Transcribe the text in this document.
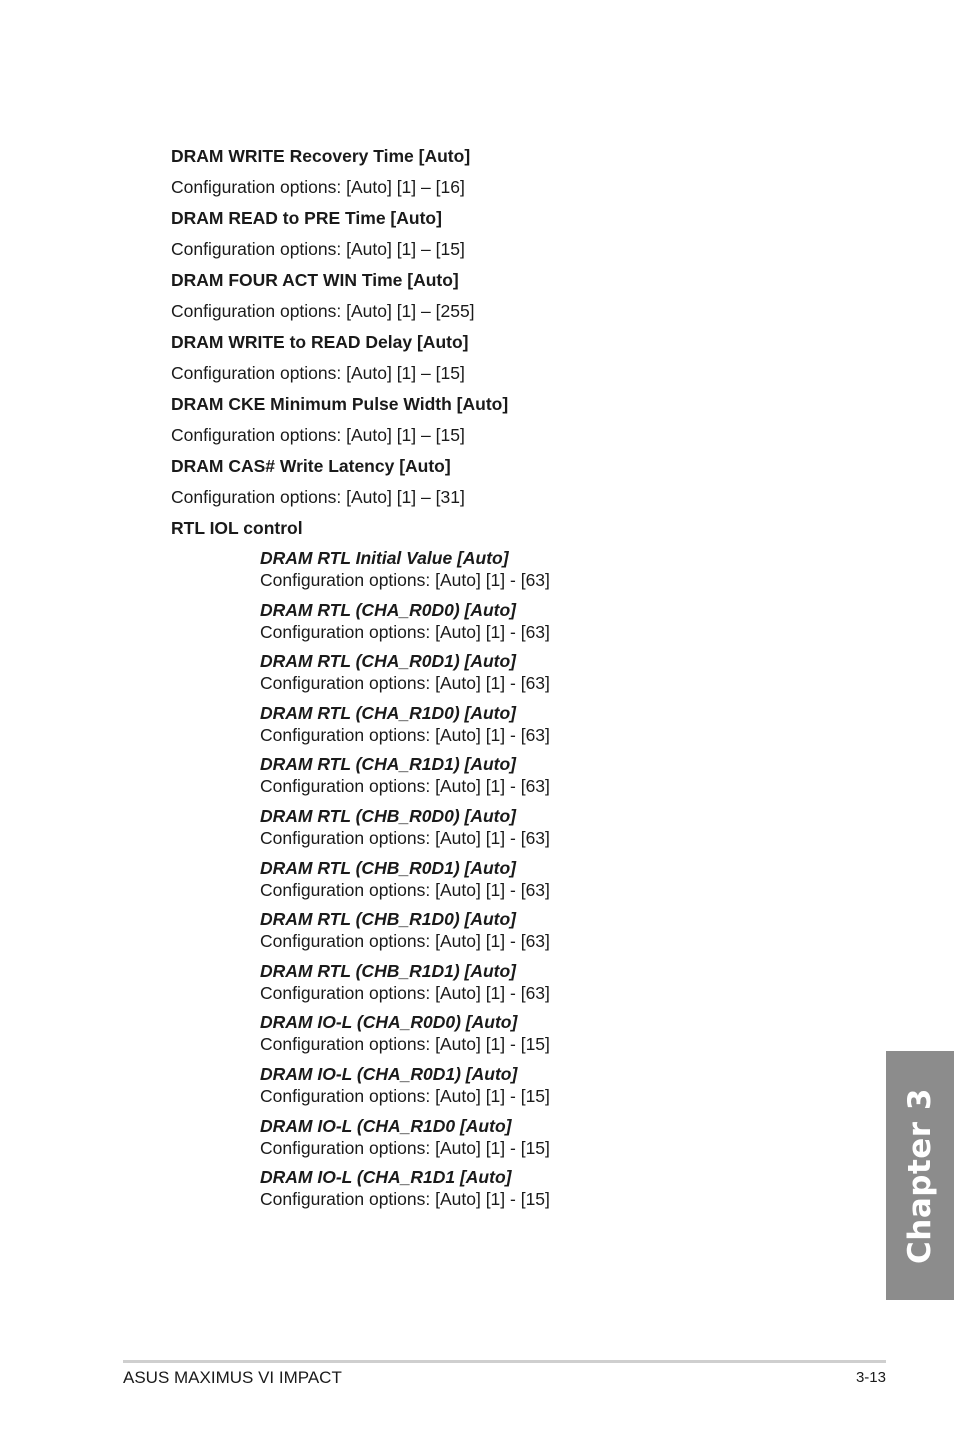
DRAM WRITE Recovery Time [Auto]
Configuration options: [Auto] [1] – [16]
DRAM READ to PRE Time [Auto]
Configuration options: [Auto] [1] – [15]
DRAM FOUR ACT WIN Time [Auto]
Configuration options: [Auto] [1] – [255]
DRAM WRITE to READ Delay [Auto]
Configuration options: [Auto] [1] – [15]
DRAM CKE Minimum Pulse Width [Auto]
Configuration options: [Auto] [1] – [15]
DRAM CAS# Write Latency [Auto]
Configuration options: [Auto] [1] – [31]
RTL IOL control
DRAM RTL Initial Value [Auto]
Configuration options: [Auto] [1] - [63]
DRAM RTL (CHA_R0D0) [Auto]
Configuration options: [Auto] [1] - [63]
DRAM RTL (CHA_R0D1) [Auto]
Configuration options: [Auto] [1] - [63]
DRAM RTL (CHA_R1D0) [Auto]
Configuration options: [Auto] [1] - [63]
DRAM RTL (CHA_R1D1) [Auto]
Configuration options: [Auto] [1] - [63]
DRAM RTL (CHB_R0D0) [Auto]
Configuration options: [Auto] [1] - [63]
DRAM RTL (CHB_R0D1) [Auto]
Configuration options: [Auto] [1] - [63]
DRAM RTL (CHB_R1D0) [Auto]
Configuration options: [Auto] [1] - [63]
DRAM RTL (CHB_R1D1) [Auto]
Configuration options: [Auto] [1] - [63]
DRAM IO-L (CHA_R0D0) [Auto]
Configuration options: [Auto] [1] - [15]
DRAM IO-L (CHA_R0D1) [Auto]
Configuration options: [Auto] [1] - [15]
DRAM IO-L (CHA_R1D0 [Auto]
Configuration options: [Auto] [1] - [15]
DRAM IO-L (CHA_R1D1 [Auto]
Configuration options: [Auto] [1] - [15]	Chapter 3
ASUS MAXIMUS VI IMPACT	3-13
